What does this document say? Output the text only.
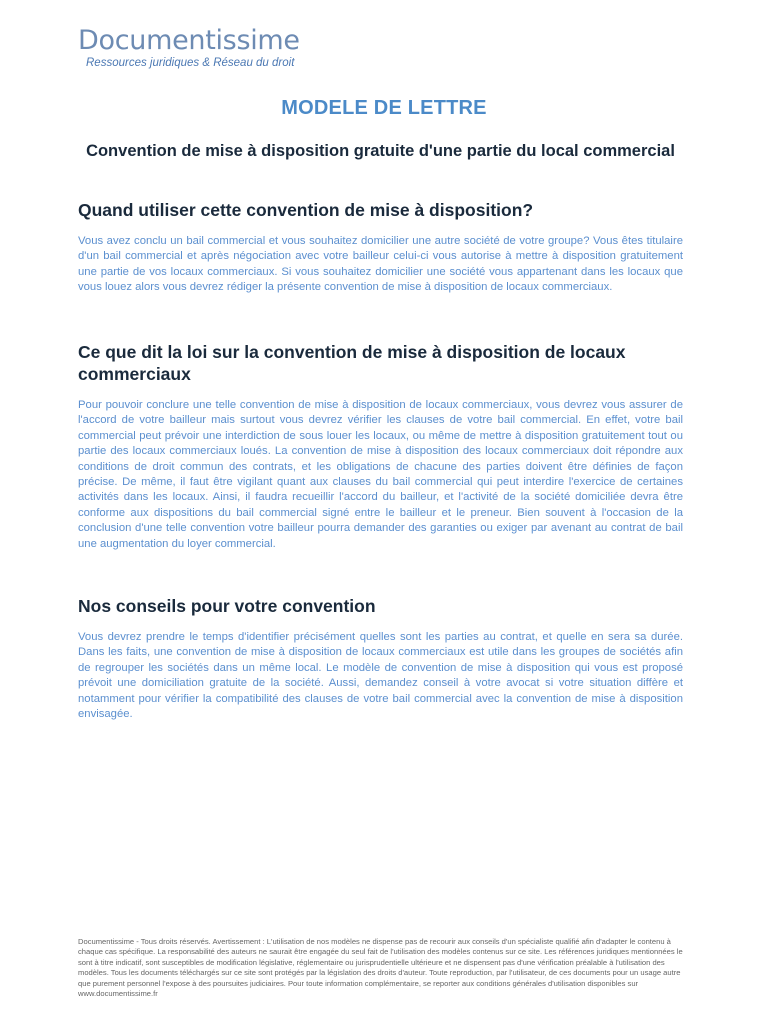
Documentissime
Ressources juridiques & Réseau du droit
MODELE DE LETTRE
Convention de mise à disposition gratuite d'une partie du local commercial
Quand utiliser cette convention de mise à disposition?
Vous avez conclu un bail commercial et vous souhaitez domicilier une autre société de votre groupe? Vous êtes titulaire d'un bail commercial et après négociation avec votre bailleur celui-ci vous autorise à mettre à disposition gratuitement une partie de vos locaux commerciaux. Si vous souhaitez domicilier une société vous appartenant dans les locaux que vous louez alors vous devrez rédiger la présente convention de mise à disposition de locaux commerciaux.
Ce que dit la loi sur la convention de mise à disposition de locaux commerciaux
Pour pouvoir conclure une telle convention de mise à disposition de locaux commerciaux, vous devrez vous assurer de l'accord de votre bailleur mais surtout vous devrez vérifier les clauses de votre bail commercial. En effet, votre bail commercial peut prévoir une interdiction de sous louer les locaux, ou même de mettre à disposition gratuitement tout ou partie des locaux commerciaux loués. La convention de mise à disposition des locaux commerciaux doit répondre aux conditions de droit commun des contrats, et les obligations de chacune des parties doivent être définies de façon précise. De même, il faut être vigilant quant aux clauses du bail commercial qui peut interdire l'exercice de certaines activités dans les locaux. Ainsi, il faudra recueillir l'accord du bailleur, et l'activité de la société domiciliée devra être conforme aux dispositions du bail commercial signé entre le bailleur et le preneur. Bien souvent à l'occasion de la conclusion d'une telle convention votre bailleur pourra demander des garanties ou exiger par avenant au contrat de bail une augmentation du loyer commercial.
Nos conseils pour votre convention
Vous devrez prendre le temps d'identifier précisément quelles sont les parties au contrat, et quelle en sera sa durée. Dans les faits, une convention de mise à disposition de locaux commerciaux est utile dans les groupes de sociétés afin de regrouper les sociétés dans un même local. Le modèle de convention de mise à disposition qui vous est proposé prévoit une domiciliation gratuite de la société. Aussi, demandez conseil à votre avocat si votre situation diffère et notamment pour vérifier la compatibilité des clauses de votre bail commercial avec la convention de mise à disposition envisagée.
Documentissime - Tous droits réservés. Avertissement : L'utilisation de nos modèles ne dispense pas de recourir aux conseils d'un spécialiste qualifié afin d'adapter le contenu à chaque cas spécifique. La responsabilité des auteurs ne saurait être engagée du seul fait de l'utilisation des modèles contenus sur ce site. Les références juridiques mentionnées le sont à titre indicatif, sont susceptibles de modification législative, réglementaire ou jurisprudentielle ultérieure et ne dispensent pas d'une vérification préalable à l'utilisation des modèles. Tous les documents téléchargés sur ce site sont protégés par la législation des droits d'auteur. Toute reproduction, par l'utilisateur, de ces documents pour un usage autre que purement personnel l'expose à des poursuites judiciaires. Pour toute information complémentaire, se reporter aux conditions générales d'utilisation disponibles sur www.documentissime.fr
